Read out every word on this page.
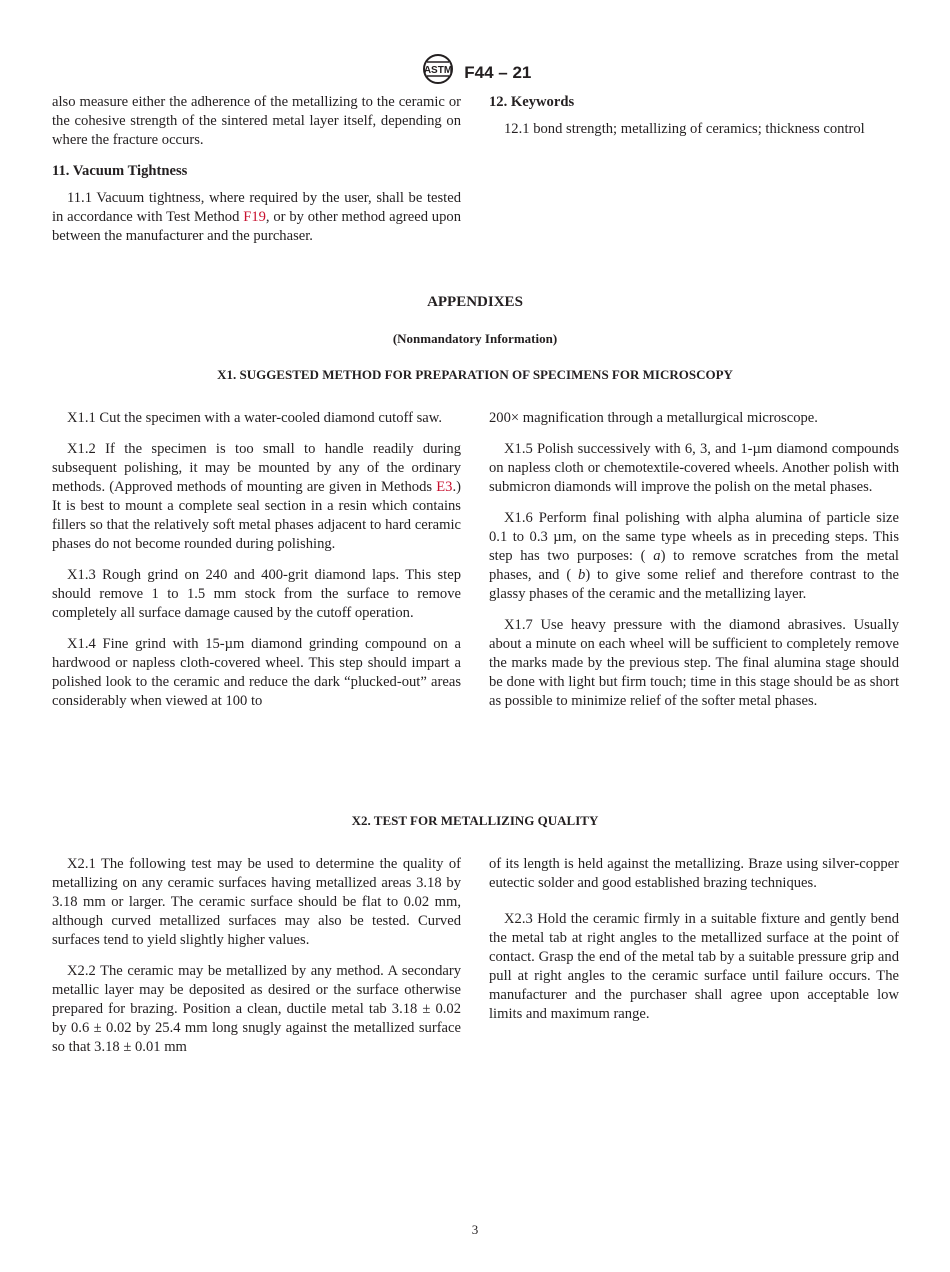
ASTM F44 – 21

also measure either the adherence of the metallizing to the ceramic or the cohesive strength of the sintered metal layer itself, depending on where the fracture occurs.

11. Vacuum Tightness

11.1 Vacuum tightness, where required by the user, shall be tested in accordance with Test Method F19, or by other method agreed upon between the manufacturer and the purchaser.

12. Keywords

12.1 bond strength; metallizing of ceramics; thickness control

APPENDIXES
(Nonmandatory Information)
X1. SUGGESTED METHOD FOR PREPARATION OF SPECIMENS FOR MICROSCOPY

X1.1 Cut the specimen with a water-cooled diamond cutoff saw.

X1.2 If the specimen is too small to handle readily during subsequent polishing, it may be mounted by any of the ordinary methods. (Approved methods of mounting are given in Methods E3.) It is best to mount a complete seal section in a resin which contains fillers so that the relatively soft metal phases adjacent to hard ceramic phases do not become rounded during polishing.

X1.3 Rough grind on 240 and 400-grit diamond laps. This step should remove 1 to 1.5 mm stock from the surface to remove completely all surface damage caused by the cutoff operation.

X1.4 Fine grind with 15-µm diamond grinding compound on a hardwood or napless cloth-covered wheel. This step should impart a polished look to the ceramic and reduce the dark “plucked-out” areas considerably when viewed at 100 to

200× magnification through a metallurgical microscope.

X1.5 Polish successively with 6, 3, and 1-µm diamond compounds on napless cloth or chemotextile-covered wheels. Another polish with submicron diamonds will improve the polish on the metal phases.

X1.6 Perform final polishing with alpha alumina of particle size 0.1 to 0.3 µm, on the same type wheels as in preceding steps. This step has two purposes: ( a) to remove scratches from the metal phases, and ( b) to give some relief and therefore contrast to the glassy phases of the ceramic and the metallizing layer.

X1.7 Use heavy pressure with the diamond abrasives. Usually about a minute on each wheel will be sufficient to completely remove the marks made by the previous step. The final alumina stage should be done with light but firm touch; time in this stage should be as short as possible to minimize relief of the softer metal phases.

X2. TEST FOR METALLIZING QUALITY

X2.1 The following test may be used to determine the quality of metallizing on any ceramic surfaces having metallized areas 3.18 by 3.18 mm or larger. The ceramic surface should be flat to 0.02 mm, although curved metallized surfaces may also be tested. Curved surfaces tend to yield slightly higher values.

X2.2 The ceramic may be metallized by any method. A secondary metallic layer may be deposited as desired or the surface otherwise prepared for brazing. Position a clean, ductile metal tab 3.18 ± 0.02 by 0.6 ± 0.02 by 25.4 mm long snugly against the metallized surface so that 3.18 ± 0.01 mm

of its length is held against the metallizing. Braze using silver-copper eutectic solder and good established brazing techniques.

X2.3 Hold the ceramic firmly in a suitable fixture and gently bend the metal tab at right angles to the metallized surface at the point of contact. Grasp the end of the metal tab by a suitable pressure grip and pull at right angles to the ceramic surface until failure occurs. The manufacturer and the purchaser shall agree upon acceptable low limits and maximum range.

3
